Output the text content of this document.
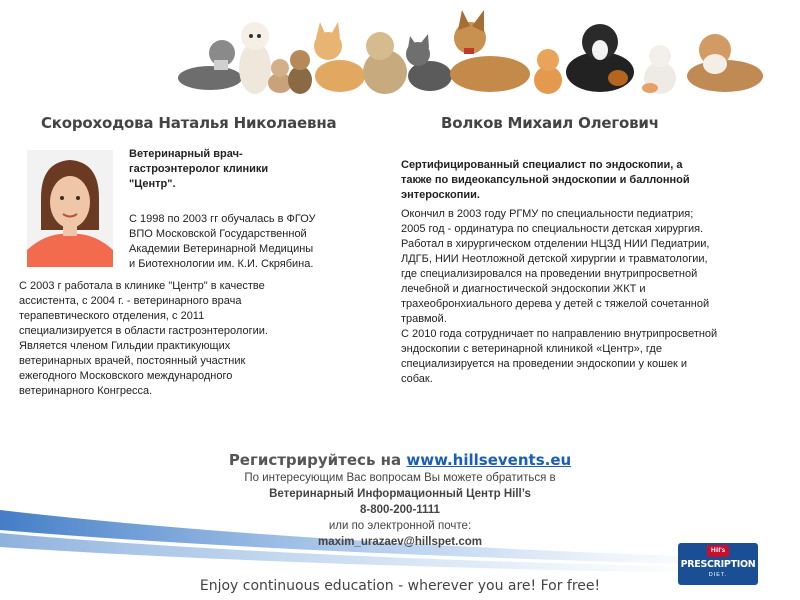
Скороходова Наталья Николаевна	Волков Михаил Олегович
Ветеринарный врач-
гастроэнтеролог клиники
"Центр".
С 1998 по 2003 гг обучалась в ФГОУ
ВПО Московской Государственной
Академии Ветеринарной Медицины
и Биотехнологии им. К.И. Скрябина.
С 2003 г работала в клинике "Центр" в качестве
ассистента, с 2004 г. - ветеринарного врача
терапевтического отделения, с 2011
специализируется в области гастроэнтерологии.
Является членом Гильдии практикующих
ветеринарных врачей, постоянный участник
ежегодного Московского международного
ветеринарного Конгресса.
Сертифицированный специалист по эндоскопии, а
также по видеокапсульной эндоскопии и баллонной
энтероскопии.
Окончил в 2003 году РГМУ по специальности педиатрия;
2005 год - ординатура по специальности детская хирургия.
Работал в хирургическом отделении НЦЗД НИИ Педиатрии,
ЛДГБ, НИИ Неотложной детской хирургии и травматологии,
где специализировался на проведении внутрипросветной
лечебной и диагностической эндоскопии ЖКТ и
трахеобронхиального дерева у детей с тяжелой сочетанной
травмой.
С 2010 года сотрудничает по направлению внутрипросветной
эндоскопии с ветеринарной клиникой «Центр», где
специализируется на проведении эндоскопии у кошек и
собак.
Регистрируйтесь на www.hillsevents.eu
По интересующим Вас вопросам Вы можете обратиться в
Ветеринарный Информационный Центр Hill’s
8-800-200-1111
или по электронной почте:
maxim_urazaev@hillspet.com
Hill's
PRESCRIPTION
DIET.
Enjoy continuous education - wherever you are! For free!
